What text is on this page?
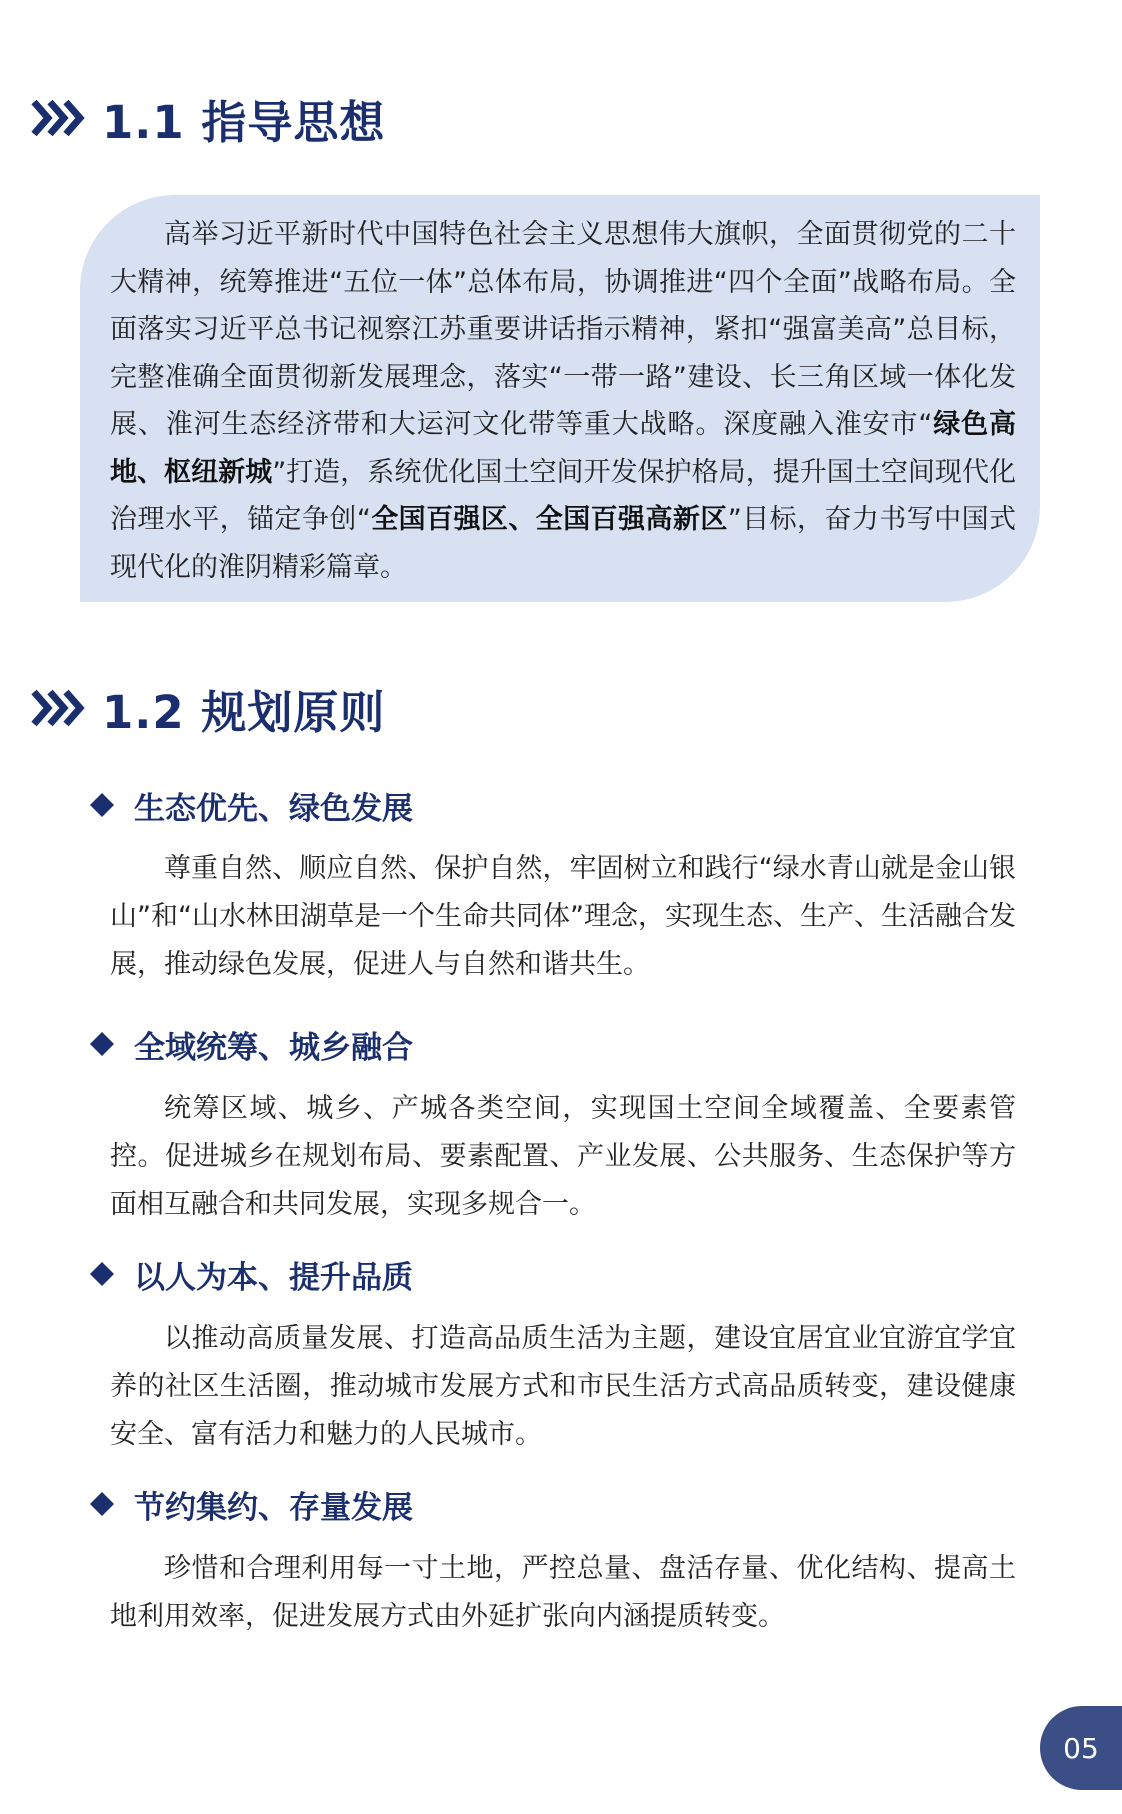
1.1 指导思想

高举习近平新时代中国特色社会主义思想伟大旗帜，全面贯彻党的二十大精神，统筹推进“五位一体”总体布局，协调推进“四个全面”战略布局。全面落实习近平总书记视察江苏重要讲话指示精神，紧扣“强富美高”总目标，完整准确全面贯彻新发展理念，落实“一带一路”建设、长三角区域一体化发展、淮河生态经济带和大运河文化带等重大战略。深度融入淮安市“绿色高地、枢纽新城”打造，系统优化国土空间开发保护格局，提升国土空间现代化治理水平，锚定争创“全国百强区、全国百强高新区”目标，奋力书写中国式现代化的淮阴精彩篇章。

1.2 规划原则
生态优先、绿色发展

尊重自然、顺应自然、保护自然，牢固树立和践行“绿水青山就是金山银山”和“山水林田湖草是一个生命共同体”理念，实现生态、生产、生活融合发展，推动绿色发展，促进人与自然和谐共生。

全域统筹、城乡融合

统筹区域、城乡、产城各类空间，实现国土空间全域覆盖、全要素管控。促进城乡在规划布局、要素配置、产业发展、公共服务、生态保护等方面相互融合和共同发展，实现多规合一。

以人为本、提升品质

以推动高质量发展、打造高品质生活为主题，建设宜居宜业宜游宜学宜养的社区生活圈，推动城市发展方式和市民生活方式高品质转变，建设健康安全、富有活力和魅力的人民城市。

节约集约、存量发展

珍惜和合理利用每一寸土地，严控总量、盘活存量、优化结构、提高土地利用效率，促进发展方式由外延扩张向内涵提质转变。

05
